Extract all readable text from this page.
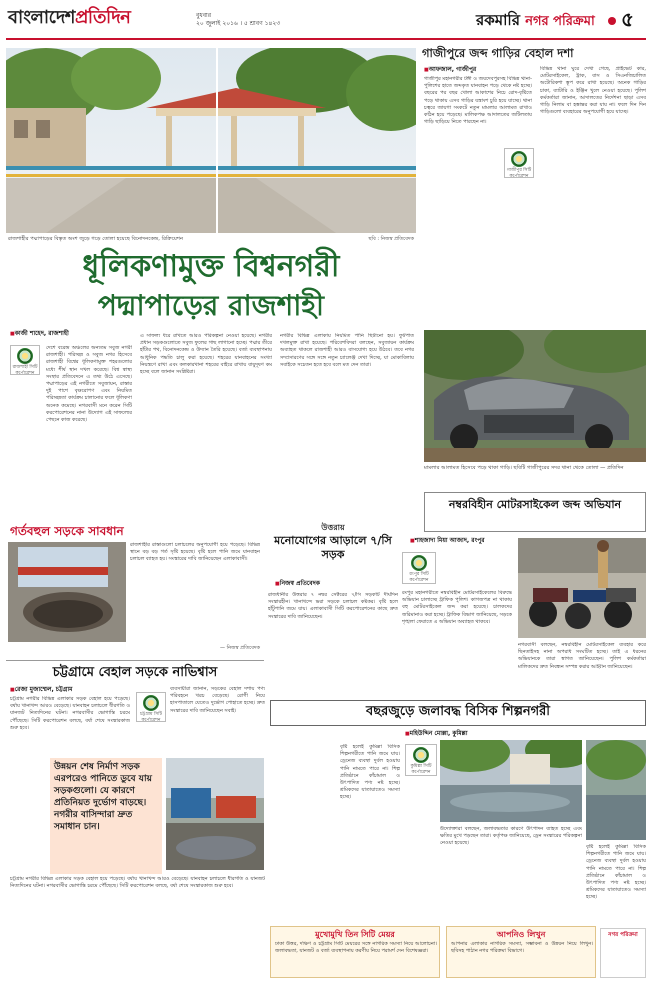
বাংলাদেশপ্রতিদিন	বুধবার
২০ জুলাই ২০১৬ । ৫ শ্রাবণ ১৪২৩	রকমারি নগর পরিক্রমা ৫
রাজশাহীর পদ্মাপাড়ের বিস্তৃত অংশ জুড়ে গড়ে তোলা হয়েছে বিনোদনকেন্দ্র, রিক্রিয়েশন	ছবি : নিজস্ব প্রতিবেদক
ধূলিকণামুক্ত বিশ্বনগরী
পদ্মাপাড়ের রাজশাহী
■ কাজী শাহেদ, রাজশাহী
রাজশাহী সিটি কর্পোরেশন
দেশে বরেন্দ্র অঞ্চলের অন্যতম সবুজ নগরী রাজশাহী। পরিচ্ছন্ন ও সবুজ নগর হিসেবে রাজশাহী বিশ্বের ধূলিকণামুক্ত শহরগুলোর মধ্যে শীর্ষ স্থান দখল করেছে। বিশ্ব স্বাস্থ্য সংস্থার প্রতিবেদনে এ তথ্য উঠে এসেছে। পদ্মাপাড়ের এই নগরীতে সবুজায়ন, রাস্তার দুই পাশে বৃক্ষরোপণ এবং নিয়মিত পরিচ্ছন্নতা কার্যক্রম চালানোর ফলে ধূলিকণা অনেক কমেছে। নগরবাসী মনে করেন সিটি করপোরেশনের নানা উদ্যোগ এই সাফল্যের পেছনে কাজ করেছে।
এ সাফল্য ধরে রাখতে আরও পরিকল্পনা নেওয়া হয়েছে। নগরীর প্রধান সড়কগুলোতে সবুজ ফুলের গাছ লাগানো হচ্ছে। পদ্মার তীরে হাঁটার পথ, বিনোদনকেন্দ্র ও উদ্যান তৈরি হয়েছে। বর্জ্য ব্যবস্থাপনায় আধুনিক পদ্ধতি চালু করা হয়েছে। শহরের যানবাহনের সংখ্যা নিয়ন্ত্রণে রাখা এবং কলকারখানা শহরের বাইরে রাখায় বায়ুদূষণ কম হচ্ছে বলে জানান সংশ্লিষ্টরা।
নগরীর বিভিন্ন এলাকায় নিয়মিত পানি ছিটানো হয়। ফুটপাত দখলমুক্ত রাখা হয়েছে। পরিবেশবিদরা বলছেন, সবুজায়ন কার্যক্রম অব্যাহত থাকলে রাজশাহী আরও বাসযোগ্য হয়ে উঠবে। তবে নগর সম্প্রসারণের সঙ্গে সঙ্গে নতুন চ্যালেঞ্জ দেখা দিচ্ছে, যা মোকাবিলায় সবাইকে সচেতন হতে হবে বলে মত দেন তারা।
গাজীপুরে জব্দ গাড়ির বেহাল দশা
■ আফজাল, গাজীপুর
গাজীপুর মহানগরীর টঙ্গী ও জয়দেবপুরসহ বিভিন্ন থানা-পুলিশের হাতে জব্দকৃত যানবাহন পড়ে থেকে নষ্ট হচ্ছে। বছরের পর বছর খোলা আকাশের নিচে রোদ-বৃষ্টিতে পড়ে থাকায় এসব গাড়ির যন্ত্রাংশ চুরি হয়ে যাচ্ছে। থানা চত্বরে জায়গা সংকটে নতুন মামলার আলামত রাখাও কঠিন হয়ে পড়েছে। মালিকপক্ষ আদালতের জটিলতায় গাড়ি ছাড়িয়ে নিতে পারছেন না।
গাজীপুর সিটি কর্পোরেশন
বিভিন্ন থানা ঘুরে দেখা গেছে, প্রাইভেট কার, মোটরসাইকেল, ট্রাক, বাস ও সিএনজিচালিত অটোরিকশা স্তূপ করে রাখা হয়েছে। অনেক গাড়ির চাকা, ব্যাটারি ও ইঞ্জিন খুলে নেওয়া হয়েছে। পুলিশ কর্মকর্তারা জানান, আদালতের নির্দেশনা ছাড়া এসব গাড়ি নিলাম বা হস্তান্তর করা যায় না। ফলে দিন দিন গাড়িগুলো ব্যবহারের অনুপযোগী হয়ে যাচ্ছে।
মামলার আলামত হিসেবে পড়ে থাকা গাড়ি। ছবিটি গাজীপুরের সদর থানা থেকে তোলা — প্রতিদিন
নম্বরবিহীন মোটরসাইকেল জব্দ অভিযান
■ শাহজাদা মিয়া আজাদ, রংপুর
রংপুর সিটি কর্পোরেশন
রংপুর মহানগরীতে নম্বরবিহীন মোটরসাইকেলের বিরুদ্ধে অভিযান চালাচ্ছে ট্রাফিক পুলিশ। কাগজপত্র না থাকায় বহু মোটরসাইকেল জব্দ করা হয়েছে। চালকদের জরিমানাও করা হচ্ছে। ট্রাফিক বিভাগ জানিয়েছে, সড়কে শৃঙ্খলা ফেরাতে এ অভিযান অব্যাহত থাকবে।
নগরবাসী বলছেন, নম্বরবিহীন মোটরসাইকেল ব্যবহার করে ছিনতাইসহ নানা অপরাধ সংঘটিত হচ্ছে। তাই এ ধরনের অভিযানকে তারা স্বাগত জানিয়েছেন। পুলিশ কর্মকর্তারা মালিকদের দ্রুত নিবন্ধন সম্পন্ন করার আহ্বান জানিয়েছেন।
গর্তবহুল সড়কে সাবধান
রাজশাহীর রাস্তাগুলো চলাচলের অনুপযোগী হয়ে পড়েছে। বিভিন্ন স্থানে বড় বড় গর্ত সৃষ্টি হয়েছে। বৃষ্টি হলে পানি জমে যানবাহন চলাচল ব্যাহত হয়। সংস্কারের দাবি জানিয়েছেন এলাকাবাসী।
— নিজস্ব প্রতিবেদক
উত্তরায়
মনোযোগের আড়ালে ৭/সি সড়ক
■ নিজস্ব প্রতিবেদক
রাজধানীর উত্তরার ৭ নম্বর সেক্টরের ৭/সি সড়কটি দীর্ঘদিন সংস্কারহীন। খানাখন্দে ভরা সড়কে চলাচল কষ্টকর। বৃষ্টি হলে হাঁটুপানি জমে যায়। এলাকাবাসী সিটি করপোরেশনের কাছে দ্রুত সংস্কারের দাবি জানিয়েছেন।
চট্টগ্রামে বেহাল সড়কে নাভিশ্বাস
■ রেজা মুজাম্মেল, চট্টগ্রাম
চট্টগ্রাম নগরীর বিভিন্ন এলাকার সড়ক বেহাল হয়ে পড়েছে। বর্ষায় খানাখন্দ আরও বেড়েছে। যানবাহন চলাচলে ধীরগতি ও যানজট নিত্যদিনের ঘটনা। নগরবাসীর ভোগান্তি চরমে পৌঁছেছে। সিটি করপোরেশন বলছে, বর্ষা শেষে সংস্কারকাজ শুরু হবে।
চট্টগ্রাম সিটি কর্পোরেশন
ব্যবসায়ীরা জানান, সড়কের বেহাল দশায় পণ্য পরিবহনে খরচ বেড়েছে। রোগী নিয়ে হাসপাতালে যেতেও দুর্ভোগ পোহাতে হচ্ছে। দ্রুত সংস্কারের দাবি জানিয়েছেন সবাই।
উন্নয়ন শেষ নির্মাণ সড়ক এরপরেও পানিতে ডুবে যায় সড়কগুলো। যে কারণে প্রতিনিয়ত দুর্ভোগ বাড়ছে। নগরীর বাসিন্দারা দ্রুত সমাধান চান।
চট্টগ্রাম নগরীর বিভিন্ন এলাকার সড়ক বেহাল হয়ে পড়েছে। বর্ষায় খানাখন্দ আরও বেড়েছে। যানবাহন চলাচলে ধীরগতি ও যানজট নিত্যদিনের ঘটনা। নগরবাসীর ভোগান্তি চরমে পৌঁছেছে। সিটি করপোরেশন বলছে, বর্ষা শেষে সংস্কারকাজ শুরু হবে।
বছরজুড়ে জলাবদ্ধ বিসিক শিল্পনগরী
■ মহিউদ্দিন মোল্লা, কুমিল্লা
কুমিল্লা সিটি কর্পোরেশন
বৃষ্টি হলেই কুমিল্লা বিসিক শিল্পনগরীতে পানি জমে যায়। ড্রেনেজ ব্যবস্থা দুর্বল হওয়ায় পানি নামতে পারে না। শিল্প প্রতিষ্ঠানে কাঁচামাল ও উৎপাদিত পণ্য নষ্ট হচ্ছে। শ্রমিকদের যাতায়াতেও সমস্যা হচ্ছে।
উদ্যোক্তারা বলছেন, জলাবদ্ধতার কারণে উৎপাদন ব্যাহত হচ্ছে এবং ক্ষতির মুখে পড়ছেন তারা। কর্তৃপক্ষ জানিয়েছে, ড্রেন সংস্কারের পরিকল্পনা নেওয়া হয়েছে।
বৃষ্টি হলেই কুমিল্লা বিসিক শিল্পনগরীতে পানি জমে যায়। ড্রেনেজ ব্যবস্থা দুর্বল হওয়ায় পানি নামতে পারে না। শিল্প প্রতিষ্ঠানে কাঁচামাল ও উৎপাদিত পণ্য নষ্ট হচ্ছে। শ্রমিকদের যাতায়াতেও সমস্যা হচ্ছে।
মুখোমুখি তিন সিটি মেয়র
ঢাকা উত্তর, দক্ষিণ ও চট্টগ্রাম সিটি মেয়রের সঙ্গে নাগরিক সমস্যা নিয়ে আলোচনা। জলাবদ্ধতা, যানজট ও বর্জ্য ব্যবস্থাপনায় করণীয় নিয়ে পরামর্শ দেন বিশেষজ্ঞরা।
আপনিও লিখুন
আপনার এলাকার নাগরিক সমস্যা, সম্ভাবনা ও উন্নয়ন নিয়ে লিখুন। ছবিসহ পাঠান নগর পরিক্রমা বিভাগে।
নগর পরিক্রমা
